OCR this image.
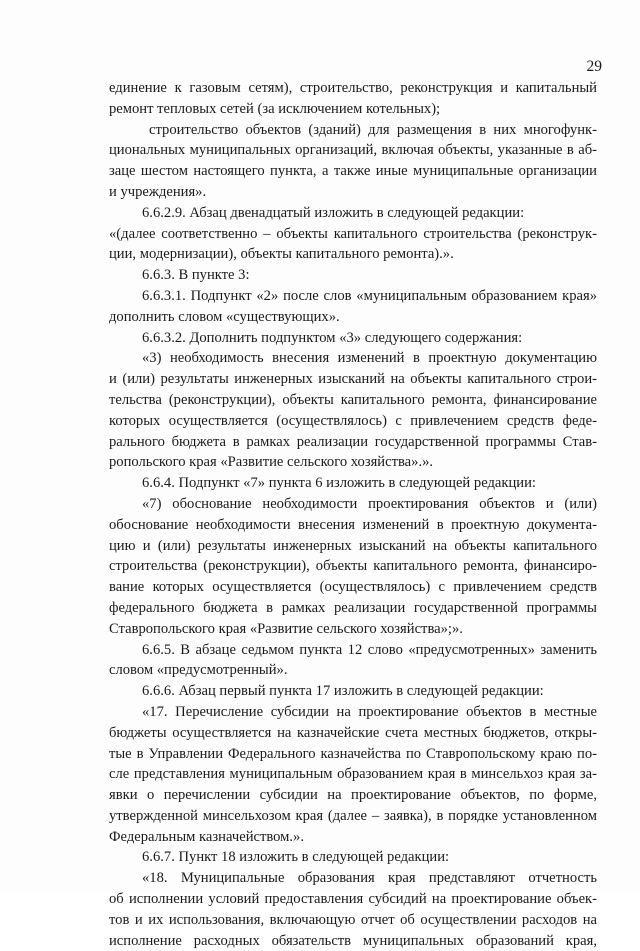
29
единение к газовым сетям), строительство, реконструкция и капитальный
ремонт тепловых сетей (за исключением котельных);
строительство объектов (зданий) для размещения в них многофунк-
циональных муниципальных организаций, включая объекты, указанные в аб-
заце шестом настоящего пункта, а также иные муниципальные организации
и учреждения».
6.6.2.9. Абзац двенадцатый изложить в следующей редакции:
«(далее соответственно – объекты капитального строительства (реконструк-
ции, модернизации), объекты капитального ремонта).».
6.6.3. В пункте 3:
6.6.3.1. Подпункт «2» после слов «муниципальным образованием края»
дополнить словом «существующих».
6.6.3.2. Дополнить подпунктом «3» следующего содержания:
«3) необходимость внесения изменений в проектную документацию
и (или) результаты инженерных изысканий на объекты капитального строи-
тельства (реконструкции), объекты капитального ремонта, финансирование
которых осуществляется (осуществлялось) с привлечением средств феде-
рального бюджета в рамках реализации государственной программы Став-
ропольского края «Развитие сельского хозяйства».».
6.6.4. Подпункт «7» пункта 6 изложить в следующей редакции:
«7) обоснование необходимости проектирования объектов и (или)
обоснование необходимости внесения изменений в проектную документа-
цию и (или) результаты инженерных изысканий на объекты капитального
строительства (реконструкции), объекты капитального ремонта, финансиро-
вание которых осуществляется (осуществлялось) с привлечением средств
федерального бюджета в рамках реализации государственной программы
Ставропольского края «Развитие сельского хозяйства»;».
6.6.5. В абзаце седьмом пункта 12 слово «предусмотренных» заменить
словом «предусмотренный».
6.6.6. Абзац первый пункта 17 изложить в следующей редакции:
«17. Перечисление субсидии на проектирование объектов в местные
бюджеты осуществляется на казначейские счета местных бюджетов, откры-
тые в Управлении Федерального казначейства по Ставропольскому краю по-
сле представления муниципальным образованием края в минсельхоз края за-
явки о перечислении субсидии на проектирование объектов, по форме,
утвержденной минсельхозом края (далее – заявка), в порядке установленном
Федеральным казначейством.».
6.6.7. Пункт 18 изложить в следующей редакции:
«18. Муниципальные образования края представляют отчетность
об исполнении условий предоставления субсидий на проектирование объек-
тов и их использования, включающую отчет об осуществлении расходов на
исполнение расходных обязательств муниципальных образований края,
